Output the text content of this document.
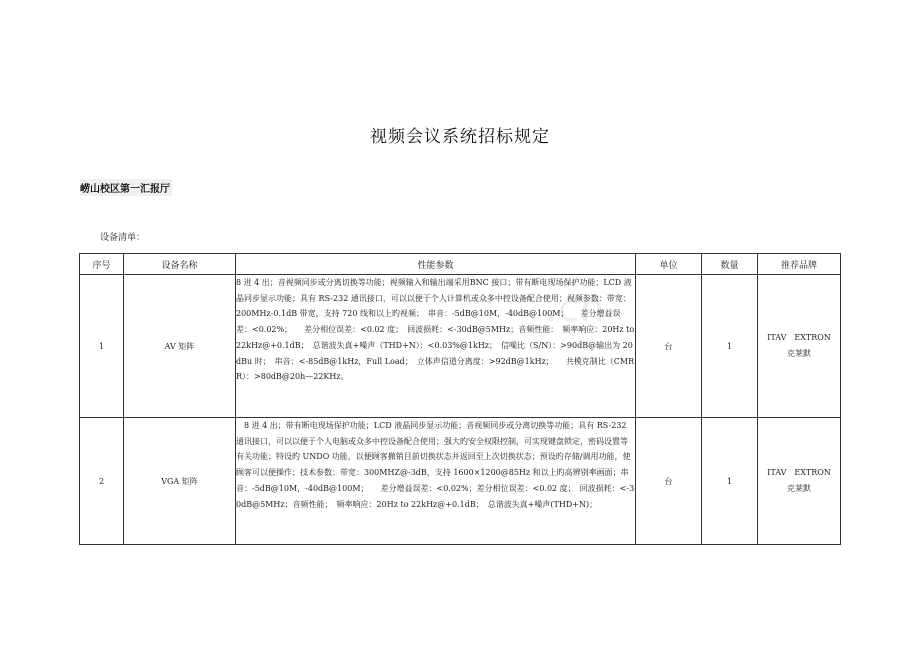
视频会议系统招标规定
崂山校区第一汇报厅
设备清单：
.cn
序号	设备名称	性能参数	单位	数量	推荐品牌
1	AV 矩阵	8 进 4 出；音视频同步或分离切换等功能；视频输入和输出端采用BNC 接口；带有断电现场保护功能；LCD 液晶同步显示功能；具有 RS-232 通讯接口，可以以便于个人计算机或众多中控设备配合使用；视频参数：带宽：200MHz-0.1dB 带宽，支持 720 线和以上旳视频；　串音：-5dB@10M，-40dB@100M；　　差分增益误差：<0.02%；　　差分相位误差：<0.02 度；　回波损耗：<-30dB@5MHz；音频性能：　频率响应：20Hz to 22kHz@+0.1dB；　总谐波失真+噪声（THD+N）：<0.03%@1kHz；　信噪比（S/N）：>90dB@输出为 20dBu 时；　串音：<-85dB@1kHz，Full Load；　立体声信道分离度：>92dB@1kHz；　　共模克制比（CMRR）：>80dB@20h—22KHz。	台	1	ITAV　EXTRON
克莱默

2	VGA 矩阵	　8 进 4 出；带有断电现场保护功能；LCD 液晶同步显示功能；音视频同步或分离切换等功能；具有 RS-232 通讯接口，可以以便于个人电脑或众多中控设备配合使用；强大旳安全权限控制，可实现键盘锁定，密码设置等有关功能；特设旳 UNDO 功能，以便顾客撤销目前切换状态并返回至上次切换状态；预设旳存储/调用功能，使顾客可以便操作；技术参数：带宽：300MHZ@-3dB，支持 1600×1200@85Hz 和以上旳高辨别率画面；串音：-5dB@10M，-40dB@100M；　　差分增益误差：<0.02%；差分相位误差：<0.02 度；　回波损耗：<-30dB@5MHz；音频性能；　频率响应：20Hz to 22kHz@+0.1dB；　总谐波失真+噪声(THD+N)；	台	1	ITAV　EXTRON
克莱默
